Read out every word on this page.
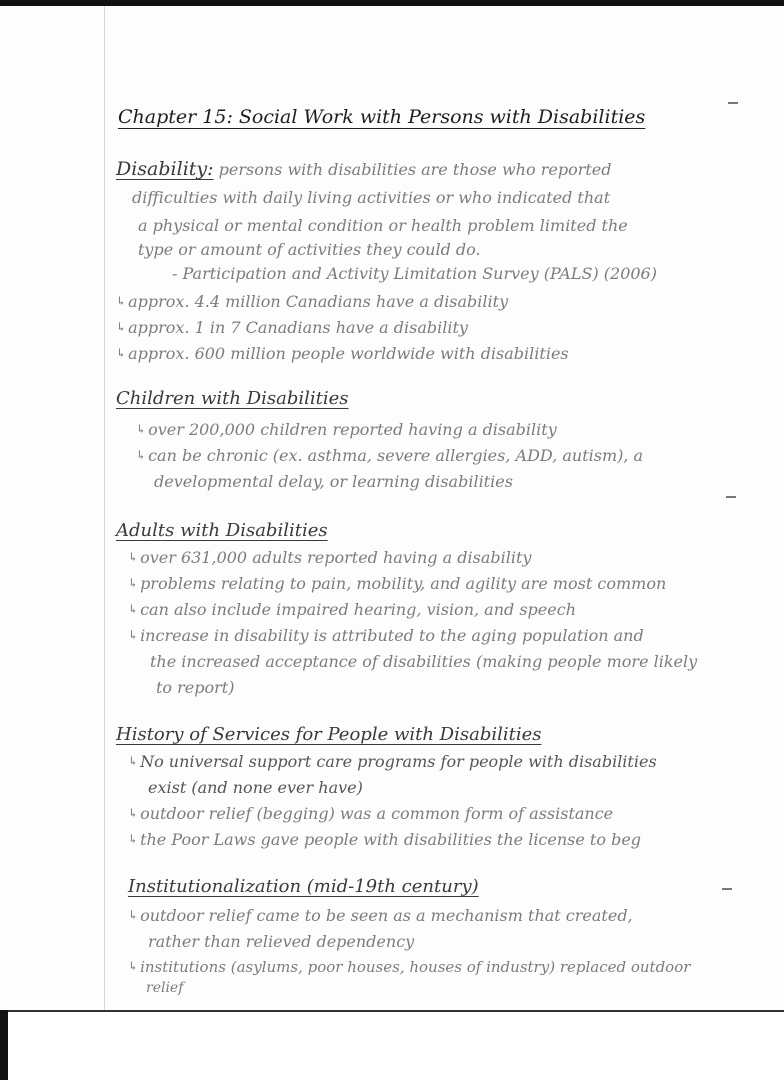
Chapter 15: Social Work with Persons with Disabilities
Disability: persons with disabilities are those who reported
difficulties with daily living activities or who indicated that
a physical or mental condition or health problem limited the
type or amount of activities they could do.
- Participation and Activity Limitation Survey (PALS) (2006)
↳ approx. 4.4 million Canadians have a disability
↳ approx. 1 in 7 Canadians have a disability
↳ approx. 600 million people worldwide with disabilities
Children with Disabilities
↳ over 200,000 children reported having a disability
↳ can be chronic (ex. asthma, severe allergies, ADD, autism), a
developmental delay, or learning disabilities
Adults with Disabilities
↳ over 631,000 adults reported having a disability
↳ problems relating to pain, mobility, and agility are most common
↳ can also include impaired hearing, vision, and speech
↳ increase in disability is attributed to the aging population and
the increased acceptance of disabilities (making people more likely
to report)
History of Services for People with Disabilities
↳ No universal support care programs for people with disabilities
exist (and none ever have)
↳ outdoor relief (begging) was a common form of assistance
↳ the Poor Laws gave people with disabilities the license to beg
Institutionalization (mid-19th century)
↳ outdoor relief came to be seen as a mechanism that created,
rather than relieved dependency
↳ institutions (asylums, poor houses, houses of industry) replaced outdoor
relief
